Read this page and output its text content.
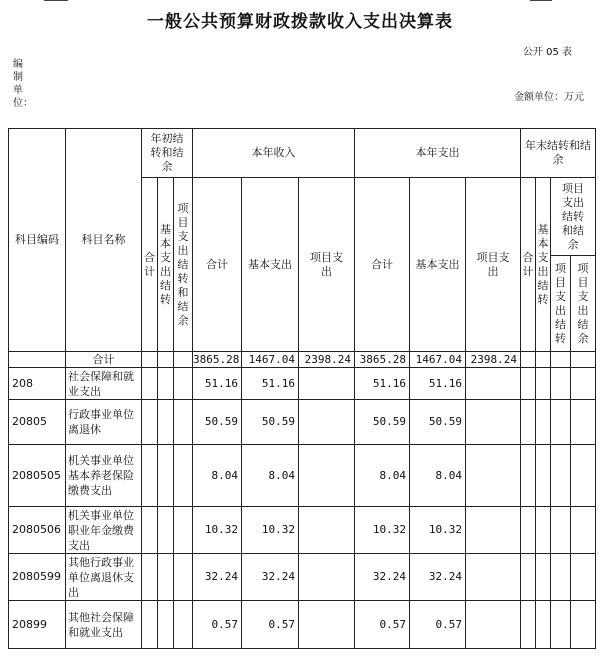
一般公共预算财政拨款收入支出决算表
公开 05 表
编制单位：
金额单位：万元
科目编码	科目名称	年初结转和结余			本年收入			本年支出			年末结转和结余			
		合计	基本支出结转	项目支出结转和结余	合计	基本支出	项目支出	合计	基本支出	项目支出	合计	基本支出结转	项目支出结转和结余	
													项目支出结转	项目支出结余
	合计				3865.28	1467.04	2398.24	3865.28	1467.04	2398.24				
208	社会保障和就业支出				51.16	51.16		51.16	51.16					
20805	行政事业单位离退休				50.59	50.59		50.59	50.59					
2080505	机关事业单位基本养老保险缴费支出				8.04	8.04		8.04	8.04					
2080506	机关事业单位职业年金缴费支出				10.32	10.32		10.32	10.32					
2080599	其他行政事业单位离退休支出				32.24	32.24		32.24	32.24					
20899	其他社会保障和就业支出				0.57	0.57		0.57	0.57					
